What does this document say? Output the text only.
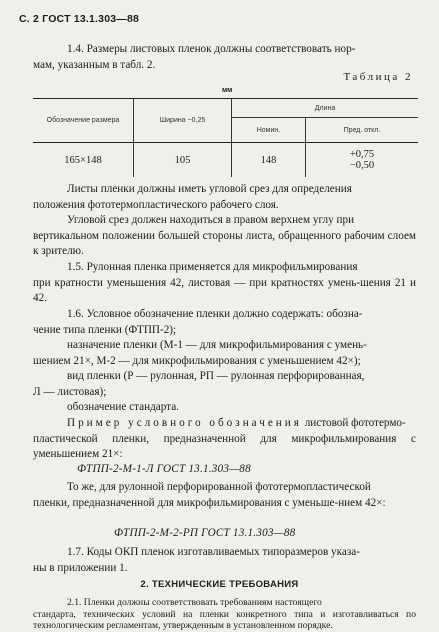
С. 2 ГОСТ 13.1.303—88
1.4. Размеры листовых пленок должны соответствовать нор-
мам, указанным в табл. 2.
Таблица 2
мм
Обозначение размера	Ширина −0,25	Длина	
		Номин.	Пред. откл.
165×148	105	148	+0,75
−0,50
Листы пленки должны иметь угловой срез для определения
положения фототермопластического рабочего слоя.
Угловой срез должен находиться в правом верхнем углу при
вертикальном положении большей стороны листа, обращенного рабочим слоем к зрителю.
1.5. Рулонная пленка применяется для микрофильмирования
при кратности уменьшения 42, листовая — при кратностях умень-шения 21 и 42.
1.6. Условное обозначение пленки должно содержать: обозна-
чение типа пленки (ФТПП-2);
назначение пленки (М-1 — для микрофильмирования с умень-
шением 21×, М-2 — для микрофильмирования с уменьшением 42×);
вид пленки (Р — рулонная, РП — рулонная перфорированная,
Л — листовая);
обозначение стандарта.
Пример условного обозначения листовой фототермо-
пластической пленки, предназначенной для микрофильмирования с уменьшением 21×:
ФТПП-2-М-1-Л ГОСТ 13.1.303—88
То же, для рулонной перфорированной фототермопластической
пленки, предназначенной для микрофильмирования с уменьше-нием 42×:
ФТПП-2-М-2-РП ГОСТ 13.1.303—88
1.7. Коды ОКП пленок изготавливаемых типоразмеров указа-
ны в приложении 1.
2. ТЕХНИЧЕСКИЕ ТРЕБОВАНИЯ
2.1. Пленки должны соответствовать требованиям настоящего
стандарта, технических условий на пленки конкретного типа и изготавливаться по технологическим регламентам, утвержденным в установленном порядке.
